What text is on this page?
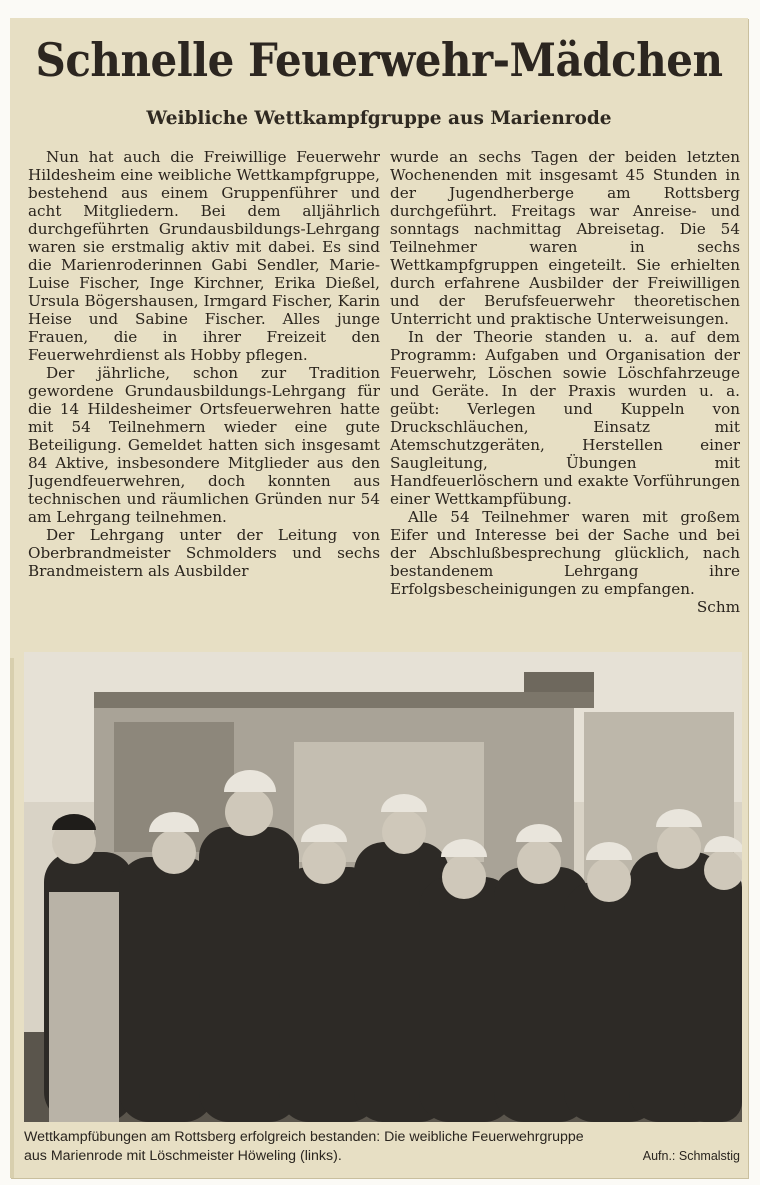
Schnelle Feuerwehr-Mädchen
Weibliche Wettkampfgruppe aus Marienrode

Nun hat auch die Freiwillige Feuerwehr Hildesheim eine weibliche Wettkampfgruppe, bestehend aus einem Gruppenführer und acht Mitgliedern. Bei dem alljährlich durchgeführten Grundausbildungs-Lehrgang waren sie erstmalig aktiv mit dabei. Es sind die Marienroderinnen Gabi Sendler, Marie-Luise Fischer, Inge Kirchner, Erika Dießel, Ursula Bögershausen, Irmgard Fischer, Karin Heise und Sabine Fischer. Alles junge Frauen, die in ihrer Freizeit den Feuerwehrdienst als Hobby pflegen.

Der jährliche, schon zur Tradition gewordene Grundausbildungs-Lehrgang für die 14 Hildesheimer Ortsfeuerwehren hatte mit 54 Teilnehmern wieder eine gute Beteiligung. Gemeldet hatten sich insgesamt 84 Aktive, insbesondere Mitglieder aus den Jugendfeuerwehren, doch konnten aus technischen und räumlichen Gründen nur 54 am Lehrgang teilnehmen.

Der Lehrgang unter der Leitung von Oberbrandmeister Schmolders und sechs Brandmeistern als Ausbilder

wurde an sechs Tagen der beiden letzten Wochenenden mit insgesamt 45 Stunden in der Jugendherberge am Rottsberg durchgeführt. Freitags war Anreise- und sonntags nachmittag Abreisetag. Die 54 Teilnehmer waren in sechs Wettkampfgruppen eingeteilt. Sie erhielten durch erfahrene Ausbilder der Freiwilligen und der Berufsfeuerwehr theoretischen Unterricht und praktische Unterweisungen.

In der Theorie standen u. a. auf dem Programm: Aufgaben und Organisation der Feuerwehr, Löschen sowie Löschfahrzeuge und Geräte. In der Praxis wurden u. a. geübt: Verlegen und Kuppeln von Druckschläuchen, Einsatz mit Atemschutzgeräten, Herstellen einer Saugleitung, Übungen mit Handfeuerlöschern und exakte Vorführungen einer Wettkampfübung.

Alle 54 Teilnehmer waren mit großem Eifer und Interesse bei der Sache und bei der Abschlußbesprechung glücklich, nach bestandenem Lehrgang ihre Erfolgsbescheinigungen zu empfangen.

Schm

Wettkampfübungen am Rottsberg erfolgreich bestanden: Die weibliche Feuerwehrgruppe
aus Marienrode mit Löschmeister Höweling (links).	Aufn.: Schmalstig
